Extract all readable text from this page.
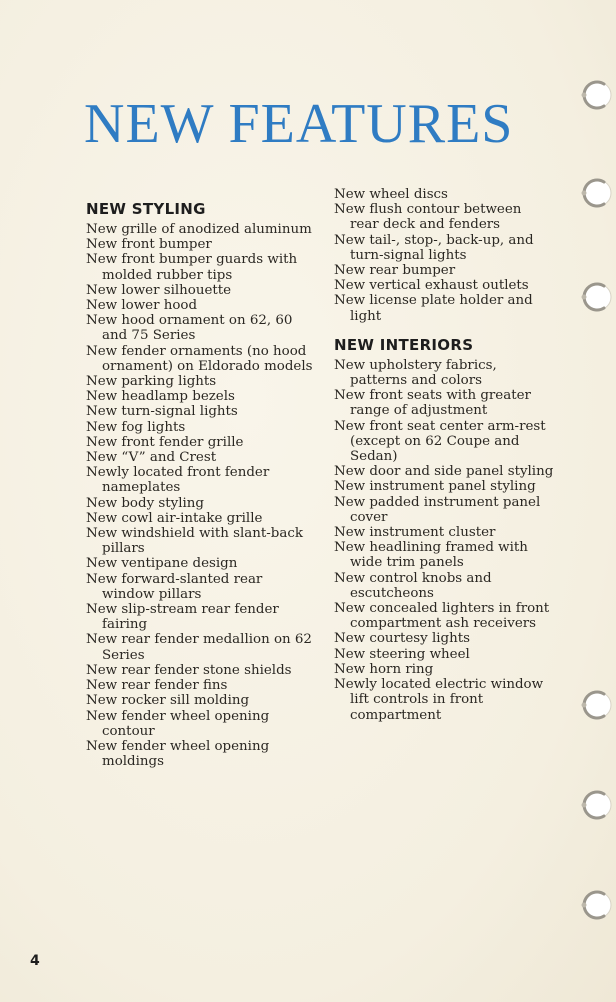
NEW FEATURES
NEW STYLING
New grille of anodized aluminum
New front bumper
New front bumper guards with molded rubber tips
New lower silhouette
New lower hood
New hood ornament on 62, 60 and 75 Series
New fender ornaments (no hood ornament) on Eldorado models
New parking lights
New headlamp bezels
New turn-signal lights
New fog lights
New front fender grille
New “V” and Crest
Newly located front fender nameplates
New body styling
New cowl air-intake grille
New windshield with slant-back pillars
New ventipane design
New forward-slanted rear window pillars
New slip-stream rear fender fairing
New rear fender medallion on 62 Series
New rear fender stone shields
New rear fender fins
New rocker sill molding
New fender wheel opening contour
New fender wheel opening moldings
New wheel discs
New flush contour between rear deck and fenders
New tail-, stop-, back-up, and turn-signal lights
New rear bumper
New vertical exhaust outlets
New license plate holder and light
NEW INTERIORS
New upholstery fabrics, patterns and colors
New front seats with greater range of adjustment
New front seat center arm-rest (except on 62 Coupe and Sedan)
New door and side panel styling
New instrument panel styling
New padded instrument panel cover
New instrument cluster
New headlining framed with wide trim panels
New control knobs and escutcheons
New concealed lighters in front compartment ash receivers
New courtesy lights
New steering wheel
New horn ring
Newly located electric window lift controls in front compartment

4
